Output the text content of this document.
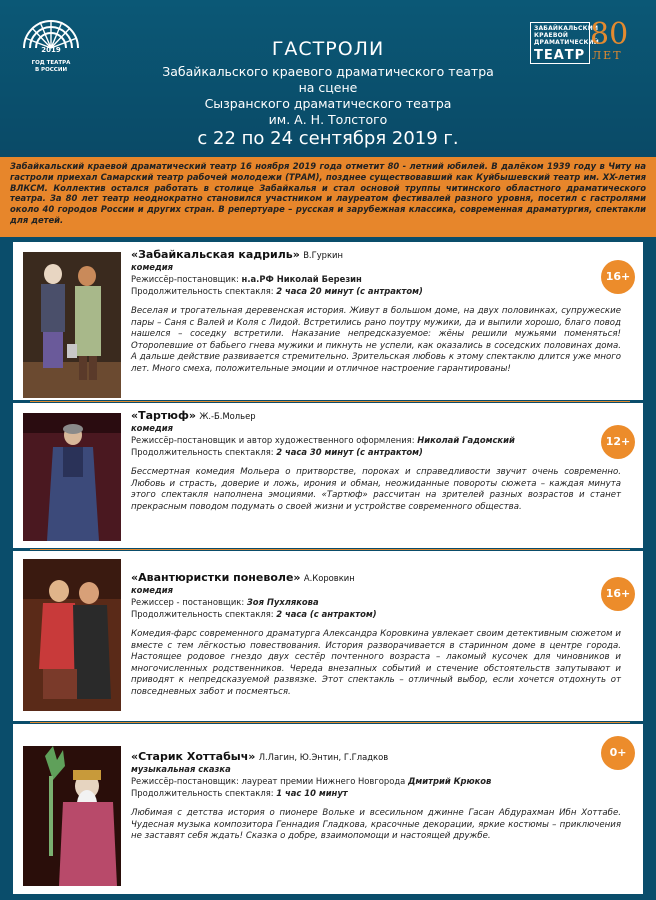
2019
ГОД ТЕАТРА
В РОССИИ
ЗАБАЙКАЛЬСКИЙ
КРАЕВОЙ ДРАМАТИЧЕСКИЙ
ТЕАТР
80
ЛЕТ
ГАСТРОЛИ
Забайкальского краевого драматического театра
на сцене
Сызранского драматического театра
им. А. Н. Толстого
с 22 по 24 сентября 2019 г.

Забайкальский краевой драматический театр 16 ноября 2019 года отметит 80 - летний юбилей. В далёком 1939 году в Читу на гастроли приехал Самарский театр рабочей молодежи (ТРАМ), позднее существовавший как Куйбышевский театр им. XX-летия ВЛКСМ. Коллектив остался работать в столице Забайкалья и стал основой труппы читинского областного драматического театра. За 80 лет театр неоднократно становился участником и лауреатом фестивалей разного уровня, посетил с гастролями около 40 городов России и других стран. В репертуаре – русская и зарубежная классика, современная драматургия, спектакли для детей.

«Забайкальская кадриль» В.Гуркин
комедия
Режиссёр-постановщик: н.а.РФ Николай Березин
Продолжительность спектакля: 2 часа 20 минут (с антрактом)
Веселая и трогательная деревенская история. Живут в большом доме, на двух половинках, супружеские пары – Саня с Валей и Коля с Лидой. Встретились рано поутру мужики, да и выпили хорошо, благо повод нашелся – соседку встретили. Наказание непредсказуемое: жёны решили мужьями поменяться! Оторопевшие от бабьего гнева мужики и пикнуть не успели, как оказались в соседских половинах дома. А дальше действие развивается стремительно. Зрительская любовь к этому спектаклю длится уже много лет. Много смеха, положительные эмоции и отличное настроение гарантированы!
16+
«Тартюф» Ж.-Б.Мольер
комедия
Режиссёр-постановщик и автор художественного оформления: Николай Гадомский
Продолжительность спектакля: 2 часа 30 минут (с антрактом)
Бессмертная комедия Мольера о притворстве, пороках и справедливости звучит очень современно. Любовь и страсть, доверие и ложь, ирония и обман, неожиданные повороты сюжета – каждая минута этого спектакля наполнена эмоциями. «Тартюф» рассчитан на зрителей разных возрастов и станет прекрасным поводом подумать о своей жизни и устройстве современного общества.
12+
«Авантюристки поневоле» А.Коровкин
комедия
Режиссер - постановщик: Зоя Пухлякова
Продолжительность спектакля: 2 часа (с антрактом)
Комедия-фарс современного драматурга Александра Коровкина увлекает своим детективным сюжетом и вместе с тем лёгкостью повествования. История разворачивается в старинном доме в центре города. Настоящее родовое гнездо двух сестёр почтенного возраста – лакомый кусочек для чиновников и многочисленных родственников. Череда внезапных событий и стечение обстоятельств запутывают и приводят к непредсказуемой развязке. Этот спектакль – отличный выбор, если хочется отдохнуть от повседневных забот и посмеяться.
16+
«Старик Хоттабыч» Л.Лагин, Ю.Энтин, Г.Гладков
музыкальная сказка
Режиссёр-постановщик: лауреат премии Нижнего Новгорода Дмитрий Крюков
Продолжительность спектакля: 1 час 10 минут
Любимая с детства история о пионере Вольке и всесильном джинне Гасан Абдурахман Ибн Хоттабе. Чудесная музыка композитора Геннадия Гладкова, красочные декорации, яркие костюмы – приключения не заставят себя ждать! Сказка о добре, взаимопомощи и настоящей дружбе.
0+
